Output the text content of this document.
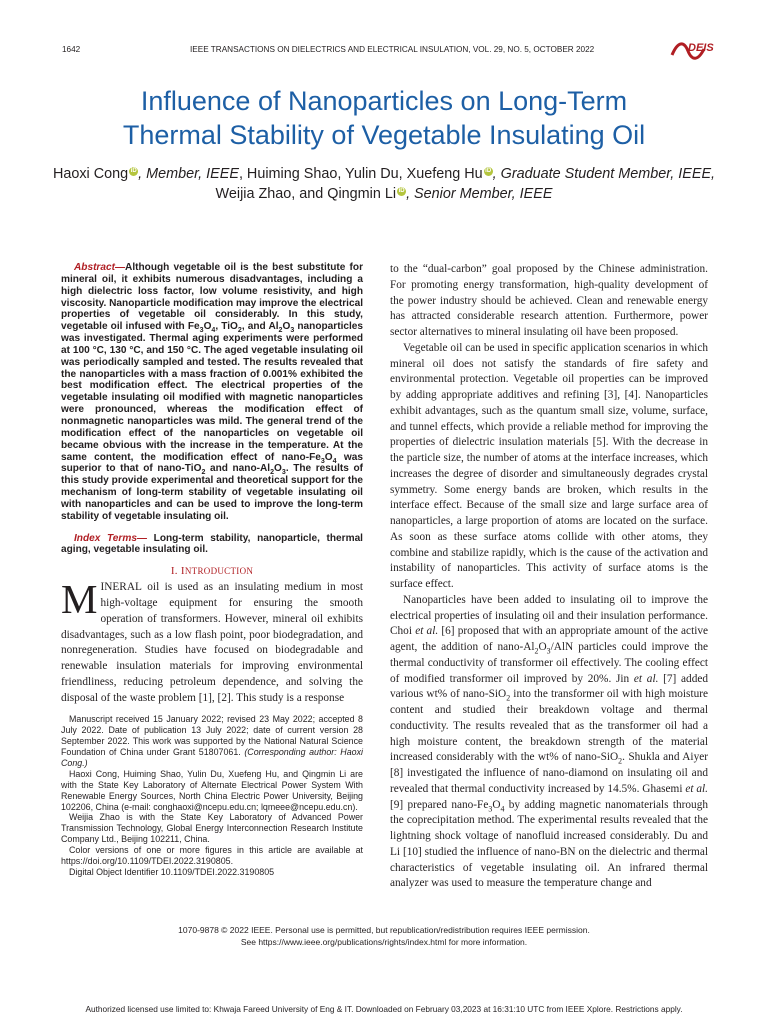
1642	IEEE TRANSACTIONS ON DIELECTRICS AND ELECTRICAL INSULATION, VOL. 29, NO. 5, OCTOBER 2022	DEIS
Influence of Nanoparticles on Long-Term
Thermal Stability of Vegetable Insulating Oil
Haoxi Cong iD , Member, IEEE, Huiming Shao, Yulin Du, Xuefeng Hu iD , Graduate Student Member, IEEE,
Weijia Zhao, and Qingmin Li iD , Senior Member, IEEE

Abstract—Although vegetable oil is the best substitute for mineral oil, it exhibits numerous disadvantages, including a high dielectric loss factor, low volume resistivity, and high viscosity. Nanoparticle modification may improve the electrical properties of vegetable oil considerably. In this study, vegetable oil infused with $Fe_3O_4$, TiO$_2$, and $Al_2O_3$ nanoparticles was investigated. Thermal aging experiments were performed at 100 °C, 130 °C, and 150 °C. The aged vegetable insulating oil was periodically sampled and tested. The results revealed that the nanoparticles with a mass fraction of 0.001% exhibited the best modification effect. The electrical properties of the vegetable insulating oil modified with magnetic nanoparticles were pronounced, whereas the modification effect of nonmagnetic nanoparticles was mild. The general trend of the modification effect of the nanoparticles on vegetable oil became obvious with the increase in the temperature. At the same content, the modification effect of nano-$Fe_3O_4$ was superior to that of nano-TiO$_2$ and nano-$Al_2O_3$. The results of this study provide experimental and theoretical support for the mechanism of long-term stability of vegetable insulating oil with nanoparticles and can be used to improve the long-term stability of vegetable insulating oil.

Index Terms— Long-term stability, nanoparticle, thermal aging, vegetable insulating oil.

I. INTRODUCTION

MINERAL oil is used as an insulating medium in most high-voltage equipment for ensuring the smooth operation of transformers. However, mineral oil exhibits disadvantages, such as a low flash point, poor biodegradation, and nonregeneration. Studies have focused on biodegradable and renewable insulation materials for improving environmental friendliness, reducing petroleum dependence, and solving the disposal of the waste problem [1], [2]. This study is a response

Manuscript received 15 January 2022; revised 23 May 2022; accepted 8 July 2022. Date of publication 13 July 2022; date of current version 28 September 2022. This work was supported by the National Natural Science Foundation of China under Grant 51807061. (Corresponding author: Haoxi Cong.)

Haoxi Cong, Huiming Shao, Yulin Du, Xuefeng Hu, and Qingmin Li are with the State Key Laboratory of Alternate Electrical Power System With Renewable Energy Sources, North China Electric Power University, Beijing 102206, China (e-mail: conghaoxi@ncepu.edu.cn; lqmeee@ncepu.edu.cn).

Weijia Zhao is with the State Key Laboratory of Advanced Power Transmission Technology, Global Energy Interconnection Research Institute Company Ltd., Beijing 102211, China.

Color versions of one or more figures in this article are available at https://doi.org/10.1109/TDEI.2022.3190805.

Digital Object Identifier 10.1109/TDEI.2022.3190805

to the “dual-carbon” goal proposed by the Chinese administration. For promoting energy transformation, high-quality development of the power industry should be achieved. Clean and renewable energy has attracted considerable research attention. Furthermore, power sector alternatives to mineral insulating oil have been proposed.

Vegetable oil can be used in specific application scenarios in which mineral oil does not satisfy the standards of fire safety and environmental protection. Vegetable oil properties can be improved by adding appropriate additives and refining [3], [4]. Nanoparticles exhibit advantages, such as the quantum small size, volume, surface, and tunnel effects, which provide a reliable method for improving the properties of dielectric insulation materials [5]. With the decrease in the particle size, the number of atoms at the interface increases, which increases the degree of disorder and simultaneously degrades crystal symmetry. Some energy bands are broken, which results in the interface effect. Because of the small size and large surface area of nanoparticles, a large proportion of atoms are located on the surface. As soon as these surface atoms collide with other atoms, they combine and stabilize rapidly, which is the cause of the activation and instability of nanoparticles. This activity of surface atoms is the surface effect.

Nanoparticles have been added to insulating oil to improve the electrical properties of insulating oil and their insulation performance. Choi et al. [6] proposed that with an appropriate amount of the active agent, the addition of nano-$Al_2O_3$/AlN particles could improve the thermal conductivity of transformer oil effectively. The cooling effect of modified transformer oil improved by 20%. Jin et al. [7] added various wt% of nano-SiO$_2$ into the transformer oil with high moisture content and studied their breakdown voltage and thermal conductivity. The results revealed that as the transformer oil had a high moisture content, the breakdown strength of the material increased considerably with the wt% of nano-SiO$_2$. Shukla and Aiyer [8] investigated the influence of nano-diamond on insulating oil and revealed that thermal conductivity increased by 14.5%. Ghasemi et al. [9] prepared nano-$Fe_3O_4$ by adding magnetic nanomaterials through the coprecipitation method. The experimental results revealed that the lightning shock voltage of nanofluid increased considerably. Du and Li [10] studied the influence of nano-BN on the dielectric and thermal characteristics of vegetable insulating oil. An infrared thermal analyzer was used to measure the temperature change and

1070-9878 © 2022 IEEE. Personal use is permitted, but republication/redistribution requires IEEE permission.
See https://www.ieee.org/publications/rights/index.html for more information.
Authorized licensed use limited to: Khwaja Fareed University of Eng & IT. Downloaded on February 03,2023 at 16:31:10 UTC from IEEE Xplore. Restrictions apply.
